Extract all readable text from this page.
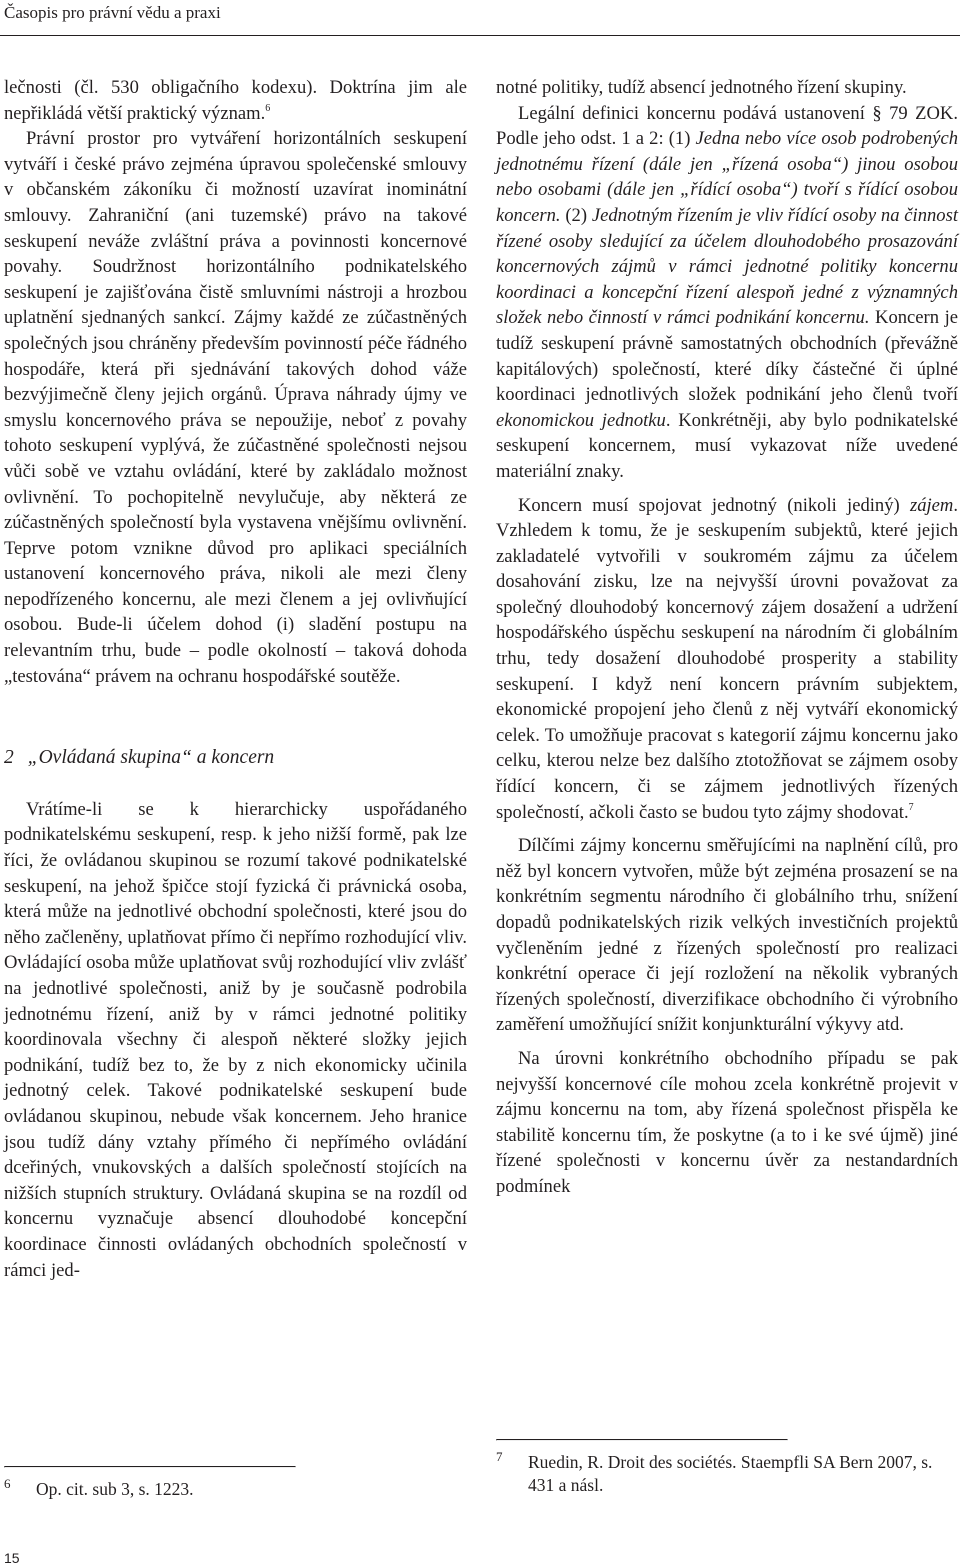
Časopis pro právní vědu a praxi

lečnosti (čl. 530 obligačního kodexu). Doktrína jim ale nepřikládá větší praktický význam.$^6$

Právní prostor pro vytváření horizontálních seskupení vytváří i české právo zejména úpravou společenské smlouvy v občanském zákoníku či možností uzavírat inominátní smlouvy. Zahraniční (ani tuzemské) právo na takové seskupení neváže zvláštní práva a povinnosti koncernové povahy. Soudržnost horizontálního podnikatelského seskupení je zajišťována čistě smluvními nástroji a hrozbou uplatnění sjednaných sankcí. Zájmy každé ze zúčastněných společných jsou chráněny především povinností péče řádného hospodáře, která při sjednávání takových dohod váže bezvýjimečně členy jejich orgánů. Úprava náhrady újmy ve smyslu koncernového práva se nepoužije, neboť z povahy tohoto seskupení vyplývá, že zúčastněné společnosti nejsou vůči sobě ve vztahu ovládání, které by zakládalo možnost ovlivnění. To pochopitelně nevylučuje, aby některá ze zúčastněných společností byla vystavena vnějšímu ovlivnění. Teprve potom vznikne důvod pro aplikaci speciálních ustanovení koncernového práva, nikoli ale mezi členy nepodřízeného koncernu, ale mezi členem a jej ovlivňující osobou. Bude-li účelem dohod (i) sladění postupu na relevantním trhu, bude – podle okolností – taková dohoda „testována“ právem na ochranu hospodářské soutěže.

2 „Ovládaná skupina“ a koncern

Vrátíme-li se k hierarchicky uspořádaného podnikatelskému seskupení, resp. k jeho nižší formě, pak lze říci, že ovládanou skupinou se rozumí takové podnikatelské seskupení, na jehož špičce stojí fyzická či právnická osoba, která může na jednotlivé obchodní společnosti, které jsou do něho začleněny, uplatňovat přímo či nepřímo rozhodující vliv. Ovládající osoba může uplatňovat svůj rozhodující vliv zvlášť na jednotlivé společnosti, aniž by je současně podrobila jednotnému řízení, aniž by v rámci jednotné politiky koordinovala všechny či alespoň některé složky jejich podnikání, tudíž bez to, že by z nich ekonomicky učinila jednotný celek. Takové podnikatelské seskupení bude ovládanou skupinou, nebude však koncernem. Jeho hranice jsou tudíž dány vztahy přímého či nepřímého ovládání dceřiných, vnukovských a dalších společností stojících na nižších stupních struktury. Ovládaná skupina se na rozdíl od koncernu vyznačuje absencí dlouhodobé koncepční koordinace činnosti ovládaných obchodních společností v rámci jed-

notné politiky, tudíž absencí jednotného řízení skupiny.

Legální definici koncernu podává ustanovení § 79 ZOK. Podle jeho odst. 1 a 2: (1) Jedna nebo více osob podrobených jednotnému řízení (dále jen „řízená osoba“) jinou osobou nebo osobami (dále jen „řídící osoba“) tvoří s řídící osobou koncern. (2) Jednotným řízením je vliv řídící osoby na činnost řízené osoby sledující za účelem dlouhodobého prosazování koncernových zájmů v rámci jednotné politiky koncernu koordinaci a koncepční řízení alespoň jedné z významných složek nebo činností v rámci podnikání koncernu. Koncern je tudíž seskupení právně samostatných obchodních (převážně kapitálových) společností, které díky částečné či úplné koordinaci jednotlivých složek podnikání jeho členů tvoří ekonomickou jednotku. Konkrétněji, aby bylo podnikatelské seskupení koncernem, musí vykazovat níže uvedené materiální znaky.

Koncern musí spojovat jednotný (nikoli jediný) zájem. Vzhledem k tomu, že je seskupením subjektů, které jejich zakladatelé vytvořili v soukromém zájmu za účelem dosahování zisku, lze na nejvyšší úrovni považovat za společný dlouhodobý koncernový zájem dosažení a udržení hospodářského úspěchu seskupení na národním či globálním trhu, tedy dosažení dlouhodobé prosperity a stability seskupení. I když není koncern právním subjektem, ekonomické propojení jeho členů z něj vytváří ekonomický celek. To umožňuje pracovat s kategorií zájmu koncernu jako celku, kterou nelze bez dalšího ztotožňovat se zájmem osoby řídící koncern, či se zájmem jednotlivých řízených společností, ačkoli často se budou tyto zájmy shodovat.$^7$

Dílčími zájmy koncernu směřujícími na naplnění cílů, pro něž byl koncern vytvořen, může být zejména prosazení se na konkrétním segmentu národního či globálního trhu, snížení dopadů podnikatelských rizik velkých investičních projektů vyčleněním jedné z řízených společností pro realizaci konkrétní operace či její rozložení na několik vybraných řízených společností, diverzifikace obchodního či výrobního zaměření umožňující snížit konjunkturální výkyvy atd.

Na úrovni konkrétního obchodního případu se pak nejvyšší koncernové cíle mohou zcela konkrétně projevit v zájmu koncernu na tom, aby řízená společnost přispěla ke stabilitě koncernu tím, že poskytne (a to i ke své újmě) jiné řízené společnosti v koncernu úvěr za nestandardních podmínek

6	Op. cit. sub 3, s. 1223.
7	Ruedin, R. Droit des sociétés. Staempfli SA Bern 2007, s. 431 a násl.
15
